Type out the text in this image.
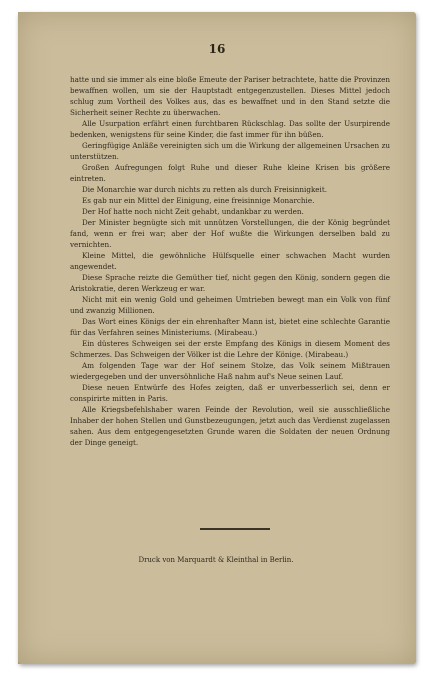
16

hatte und sie immer als eine bloße Emeute der Pariser betrachtete, hatte die Provinzen bewaffnen wollen, um sie der Hauptstadt entgegenzustellen. Dieses Mittel jedoch schlug zum Vortheil des Volkes aus, das es bewaffnet und in den Stand setzte die Sicherheit seiner Rechte zu überwachen.

Alle Usurpation erfährt einen furchtbaren Rückschlag. Das sollte der Usurpirende bedenken, wenigstens für seine Kinder, die fast immer für ihn büßen.

Geringfügige Anläße vereinigten sich um die Wirkung der allgemeinen Ursachen zu unterstützen.

Großen Aufregungen folgt Ruhe und dieser Ruhe kleine Krisen bis größere eintreten.

Die Monarchie war durch nichts zu retten als durch Freisinnigkeit.

Es gab nur ein Mittel der Einigung, eine freisinnige Monarchie.

Der Hof hatte noch nicht Zeit gehabt, undankbar zu werden.

Der Minister begnügte sich mit unnützen Vorstellungen, die der König begründet fand, wenn er frei war; aber der Hof wußte die Wirkungen derselben bald zu vernichten.

Kleine Mittel, die gewöhnliche Hülfsquelle einer schwachen Macht wurden angewendet.

Diese Sprache reizte die Gemüther tief, nicht gegen den König, sondern gegen die Aristokratie, deren Werkzeug er war.

Nicht mit ein wenig Gold und geheimen Umtrieben bewegt man ein Volk von fünf und zwanzig Millionen.

Das Wort eines Königs der ein ehrenhafter Mann ist, bietet eine schlechte Garantie für das Verfahren seines Ministeriums. (Mirabeau.)

Ein düsteres Schweigen sei der erste Empfang des Königs in diesem Moment des Schmerzes. Das Schweigen der Völker ist die Lehre der Könige. (Mirabeau.)

Am folgenden Tage war der Hof seinem Stolze, das Volk seinem Mißtrauen wiedergegeben und der unversöhnliche Haß nahm auf's Neue seinen Lauf.

Diese neuen Entwürfe des Hofes zeigten, daß er unverbesserlich sei, denn er conspirirte mitten in Paris.

Alle Kriegsbefehlshaber waren Feinde der Revolution, weil sie ausschließliche Inhaber der hohen Stellen und Gunstbezeugungen, jetzt auch das Verdienst zugelassen sahen. Aus dem entgegengesetzten Grunde waren die Soldaten der neuen Ordnung der Dinge geneigt.

Druck von Marquardt & Kleinthal in Berlin.
